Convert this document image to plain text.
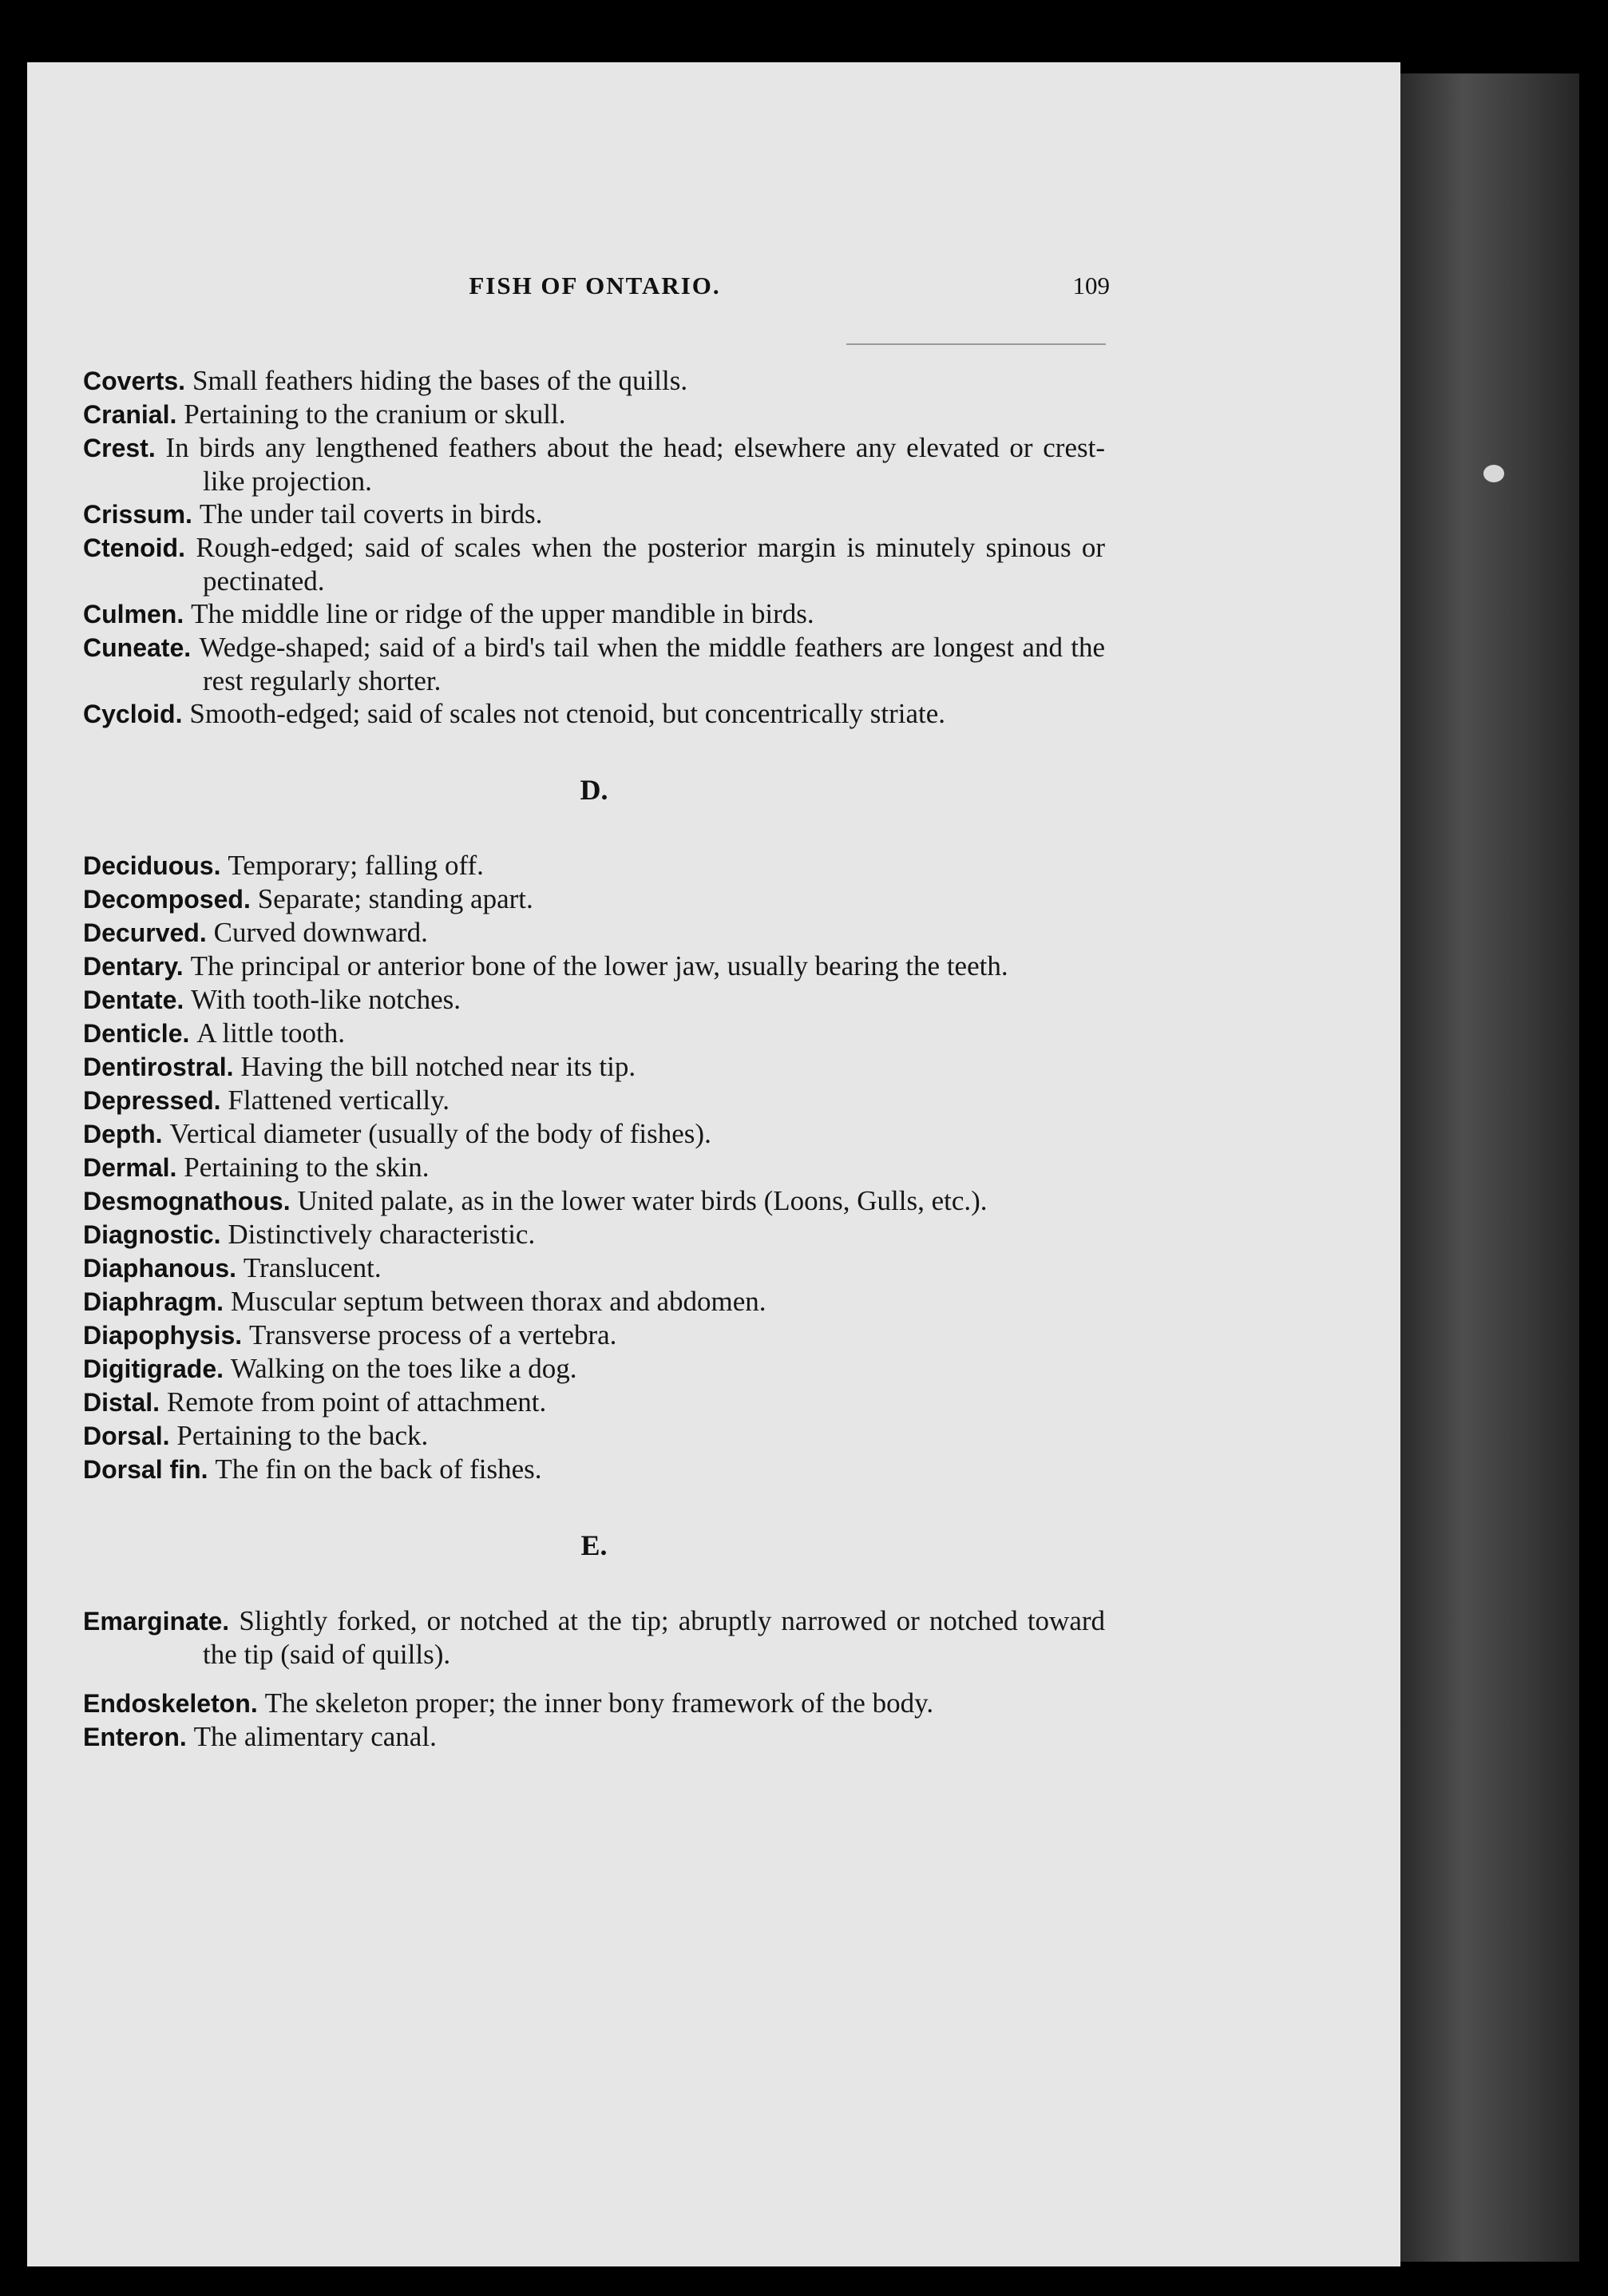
FISH OF ONTARIO.	109

Coverts. Small feathers hiding the bases of the quills.

Cranial. Pertaining to the cranium or skull.

Crest. In birds any lengthened feathers about the head; elsewhere any elevated or crest-like projection.

Crissum. The under tail coverts in birds.

Ctenoid. Rough-edged; said of scales when the posterior margin is minutely spinous or pectinated.

Culmen. The middle line or ridge of the upper mandible in birds.

Cuneate. Wedge-shaped; said of a bird's tail when the middle feathers are longest and the rest regularly shorter.

Cycloid. Smooth-edged; said of scales not ctenoid, but concentrically striate.

D.

Deciduous. Temporary; falling off.

Decomposed. Separate; standing apart.

Decurved. Curved downward.

Dentary. The principal or anterior bone of the lower jaw, usually bearing the teeth.

Dentate. With tooth-like notches.

Denticle. A little tooth.

Dentirostral. Having the bill notched near its tip.

Depressed. Flattened vertically.

Depth. Vertical diameter (usually of the body of fishes).

Dermal. Pertaining to the skin.

Desmognathous. United palate, as in the lower water birds (Loons, Gulls, etc.).

Diagnostic. Distinctively characteristic.

Diaphanous. Translucent.

Diaphragm. Muscular septum between thorax and abdomen.

Diapophysis. Transverse process of a vertebra.

Digitigrade. Walking on the toes like a dog.

Distal. Remote from point of attachment.

Dorsal. Pertaining to the back.

Dorsal fin. The fin on the back of fishes.

E.

Emarginate. Slightly forked, or notched at the tip; abruptly narrowed or notched toward the tip (said of quills).

Endoskeleton. The skeleton proper; the inner bony framework of the body.

Enteron. The alimentary canal.
